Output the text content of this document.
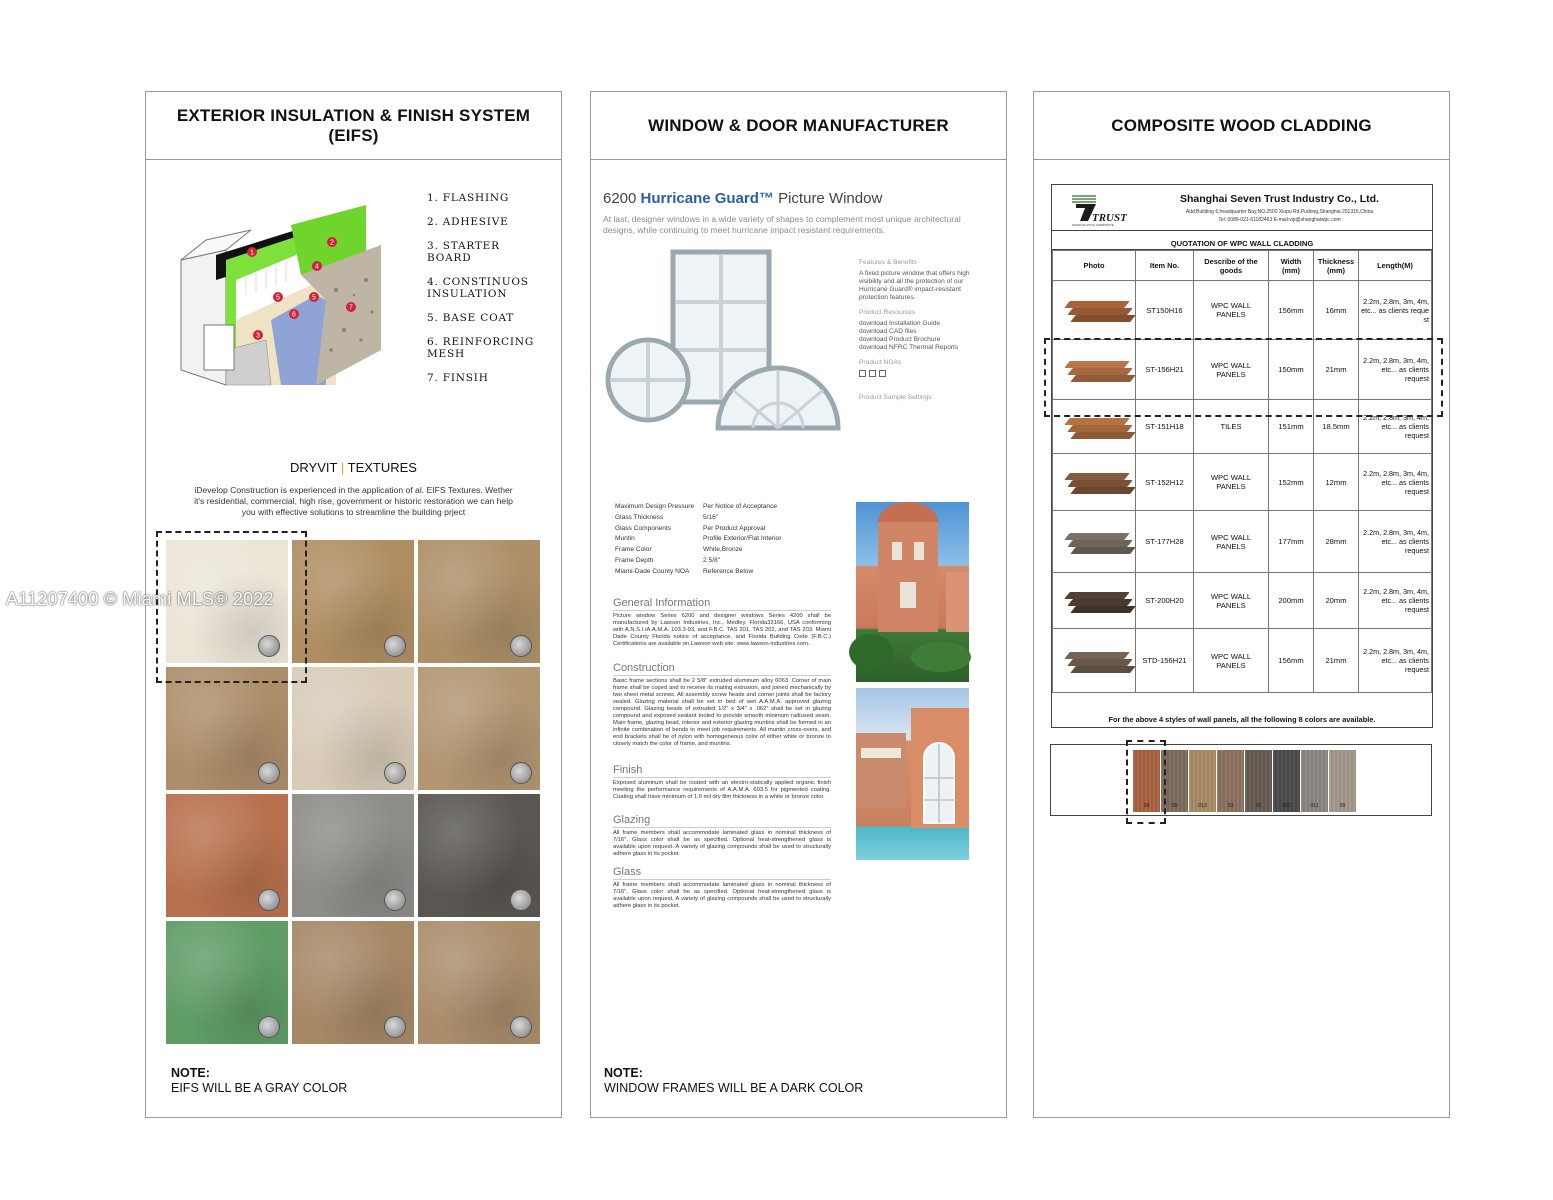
EXTERIOR INSULATION & FINISH SYSTEM
(EIFS)
1
2
3
4
5	5
6
7
1. FLASHING
2. ADHESIVE
3. STARTER BOARD
4. CONSTINUOS INSULATION
5. BASE COAT
6. REINFORCING MESH
7. FINSIH
DRYVIT | TEXTURES
iDevelop Construction is experienced in the application of al. EIFS Textures. Wether it's residential, commercial, high rise, government or historic restoration we can help you with effective solutions to streamline the building prject
NOTE:
EIFS WILL BE A GRAY COLOR
WINDOW & DOOR MANUFACTURER
6200 Hurricane Guard™ Picture Window
At last, designer windows in a wide variety of shapes to complement most unique architectural designs, while continuing to meet hurricane impact resistant requirements.
Features & Benefits
A fixed picture window that offers high visibility and all the protection of our Hurricane Guard® impact-resistant protection features.
Product Resources
download Installation Guide
download CAD files
download Product Brochure
download NFRC Thermal Reports
Product NOAs
Product Sample Settings
Maximum Design Pressure	Per Notice of Acceptance
Glass Thickness	5/16"
Glass Components	Per Product Approval
Muntin	Profile Exterior/Flat Interior
Frame Color	White,Bronze
Frame Depth	2 5/8"
Miami-Dade County NOA	Reference Below
General Information
Picture window Series 6200 and designer windows Series 4200 shall be manufactured by Lawson Industries, Inc., Medley, Florida33166, USA conforming with A.N.S.I./A.A.M.A. 103.3-93, and F.B.C. TAS 201, TAS 202, and TAS 203. Miami Dade County Florida notice of acceptance, and Florida Building Code (F.B.C.) Certifications are available on Lawson web site: www.lawson-industries.com.
Construction
Basic frame sections shall be 2 5/8" extruded aluminum alloy 6063. Corner of main frame shall be coped and to receive its mating extrusion, and joined mechanically by two sheet metal screws. All assembly screw heads and corner joints shall be factory sealed. Glazing material shall be set in bed of wet A.A.M.A. approved glazing compound. Glazing beads of extruded 1/2" x 3/4" x .062" shall be set in glazing compound and exposed sealant tooled to provide smooth minimum radiused seam. Main frame, glazing bead, interior and exterior glazing muntins shall be formed in an infinite combination of bends to meet job requirements. All muntin cross-overs, and end brackets shall be of nylon with homogeneous color of either white or bronze to closely match the color of frame, and muntins.
Finish
Exposed aluminum shall be coated with an electro-statically applied organic finish meeting the performance requirements of A.A.M.A. 603.5 for pigmented coating. Coating shall have minimum of 1.0 mil dry film thickness in a white or bronze color.
Glazing
All frame members shall accommodate laminated glass in nominal thickness of 7/16". Glass color shall be as specified. Optional heat-strengthened glass is available upon request. A variety of glazing compounds shall be used to structurally adhere glass in its pocket.
Glass
All frame members shall accommodate laminated glass in nominal thickness of 7/16". Glass color shall be as specified. Optional heat-strengthened glass is available upon request. A variety of glazing compounds shall be used to structurally adhere glass in its pocket.
NOTE:
WINDOW FRAMES WILL BE A DARK COLOR
COMPOSITE WOOD CLADDING
TRUST
WOOD PLASTIC COMPOSITE
Shanghai Seven Trust Industry Co., Ltd.
Add:Building 6,headquarter Bay,NO.2500 Xiupu Rd,Pudong,Shanghai 201315,China
Tel: 0086-021-61182463 E-mail:vip@shanghaiwpc.com
QUOTATION OF WPC WALL CLADDING
Photo	Item No.	Describe of the goods	Width (mm)	Thickness (mm)	Length(M)

	ST150H16	WPC WALL PANELS	156mm	16mm	2.2m, 2.8m, 3m, 4m, etc... as clients reque st

	ST-156H21	WPC WALL PANELS	150mm	21mm	2.2m, 2.8m, 3m, 4m, etc... as clients request

	ST-151H18	TILES	151mm	18.5mm	2.2m, 2.8m, 3m, 4m, etc... as clients request

	ST-152H12	WPC WALL PANELS	152mm	12mm	2.2m, 2.8m, 3m, 4m, etc... as clients request

	ST-177H28	WPC WALL PANELS	177mm	28mm	2.2m, 2.8m, 3m, 4m, etc... as clients request

	ST-200H20	WPC WALL PANELS	200mm	20mm	2.2m, 2.8m, 3m, 4m, etc... as clients request

	STD-156H21	WPC WALL PANELS	156mm	21mm	2.2m, 2.8m, 3m, 4m, etc... as clients request
For the above 4 styles of wall panels, all the following 8 colors are available.
04	05	013	03	06	002	011	09
A11207400 © Miami MLS® 2022
